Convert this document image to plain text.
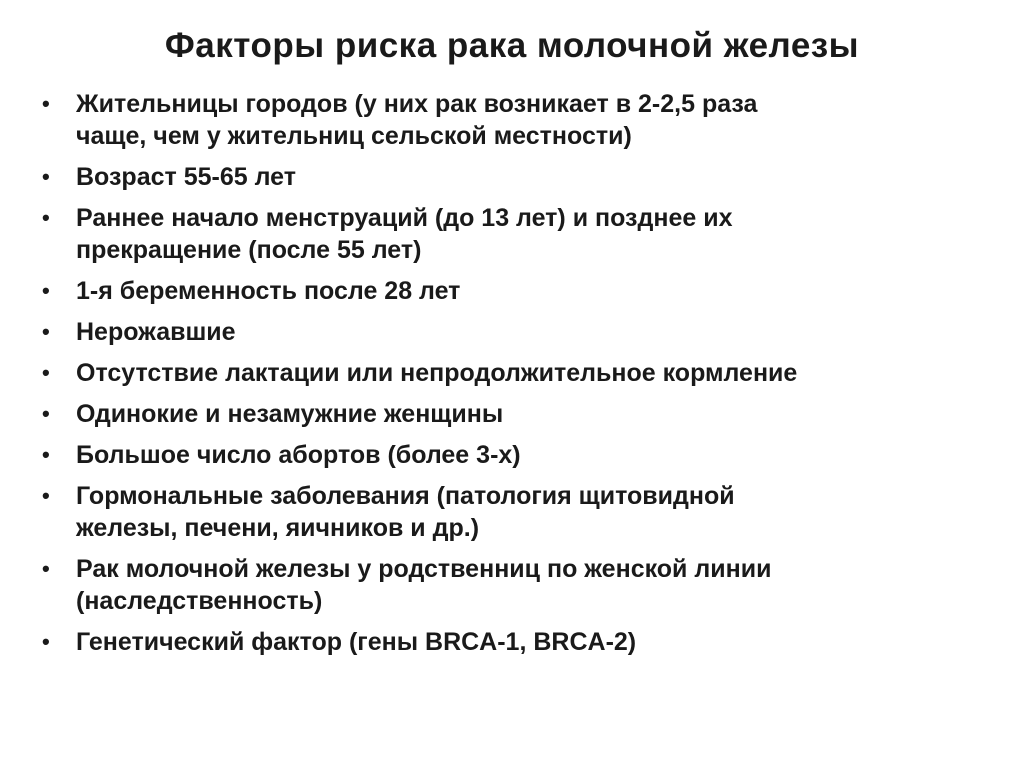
Факторы риска рака молочной железы
•	Жительницы городов (у них рак возникает в 2-2,5 раза
чаще, чем у жительниц сельской местности)
•	Возраст 55-65 лет
•	Раннее начало менструаций (до 13 лет) и позднее их
прекращение (после 55 лет)
•	1-я беременность после 28 лет
•	Нерожавшие
•	Отсутствие лактации или непродолжительное кормление
•	Одинокие и незамужние женщины
•	Большое число абортов (более 3-х)
•	Гормональные заболевания (патология щитовидной
железы, печени, яичников и др.)
•	Рак молочной железы у родственниц по женской линии
(наследственность)
•	Генетический фактор (гены BRCA-1, BRCA-2)
